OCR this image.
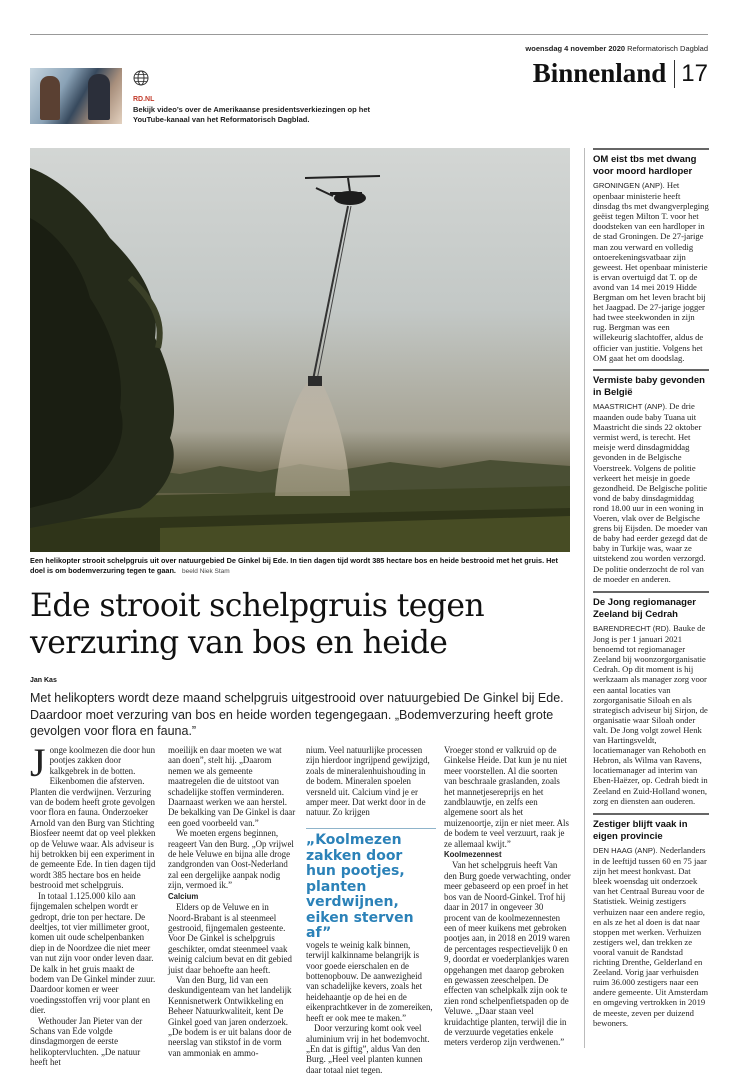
woensdag 4 november 2020 Reformatorisch Dagblad
Binnenland 17
RD.NL
Bekijk video’s over de Amerikaanse presidentsverkiezingen op het YouTube-kanaal van het Reformatorisch Dagblad.
Een helikopter strooit schelpgruis uit over natuurgebied De Ginkel bij Ede. In tien dagen tijd wordt 385 hectare bos en heide bestrooid met het gruis. Het doel is om bodemverzuring tegen te gaan. beeld Niek Stam
Ede strooit schelpgruis tegen verzuring van bos en heide
Jan Kas

Met helikopters wordt deze maand schelpgruis uitgestrooid over natuurgebied De Ginkel bij Ede. Daardoor moet verzuring van bos en heide worden tegengegaan. „Bodemverzuring heeft grote gevolgen voor flora en fauna.”

J onge koolmezen die door hun pootjes zakken door kalkgebrek in de botten. Eikenbomen die afsterven. Planten die verdwijnen. Verzuring van de bodem heeft grote gevolgen voor flora en fauna. Onderzoeker Arnold van den Burg van Stichting Biosfeer neemt dat op veel plekken op de Veluwe waar. Als adviseur is hij betrokken bij een experiment in de gemeente Ede. In tien dagen tijd wordt 385 hectare bos en heide bestrooid met schelpgruis.

In totaal 1.125.000 kilo aan fijngemalen schelpen wordt er gedropt, drie ton per hectare. De deeltjes, tot vier millimeter groot, komen uit oude schelpenbanken diep in de Noordzee die niet meer van nut zijn voor onder leven daar. De kalk in het gruis maakt de bodem van De Ginkel minder zuur. Daardoor komen er weer voedingsstoffen vrij voor plant en dier.

Wethouder Jan Pieter van der Schans van Ede volgde dinsdagmorgen de eerste helikoptervluchten. „De natuur heeft het

moeilijk en daar moeten we wat aan doen”, stelt hij. „Daarom nemen we als gemeente maatregelen die de uitstoot van schadelijke stoffen verminderen. Daarnaast werken we aan herstel. De bekalking van De Ginkel is daar een goed voorbeeld van.”

We moeten ergens beginnen, reageert Van den Burg. „Op vrijwel de hele Veluwe en bijna alle droge zandgronden van Oost-Nederland zal een dergelijke aanpak nodig zijn, vermoed ik.”

Calcium

Elders op de Veluwe en in Noord-Brabant is al steenmeel gestrooid, fijngemalen gesteente. Voor De Ginkel is schelpgruis geschikter, omdat steenmeel vaak weinig calcium bevat en dit gebied juist daar behoefte aan heeft.

Van den Burg, lid van een deskundigenteam van het landelijk Kennisnetwerk Ontwikkeling en Beheer Natuurkwaliteit, kent De Ginkel goed van jaren onderzoek. „De bodem is er uit balans door de neerslag van stikstof in de vorm van ammoniak en ammo-

nium. Veel natuurlijke processen zijn hierdoor ingrijpend gewijzigd, zoals de mineralenhuishouding in de bodem. Mineralen spoelen versneld uit. Calcium vind je er amper meer. Dat werkt door in de natuur. Zo krijgen

vogels te weinig kalk binnen, terwijl kalkinname belangrijk is voor goede eierschalen en de bottenopbouw. De aanwezigheid van schadelijke kevers, zoals het heidehaantje op de hei en de eikenprachtkever in de zomereiken, heeft er ook mee te maken.”

Door verzuring komt ook veel aluminium vrij in het bodemvocht. „En dat is giftig”, aldus Van den Burg. „Heel veel planten kunnen daar totaal niet tegen.

Vroeger stond er valkruid op de Ginkelse Heide. Dat kun je nu niet meer voorstellen. Al die soorten van beschraale graslanden, zoals het mannetjesereprijs en het zandblauwtje, en zelfs een algemene soort als het muizenoortje, zijn er niet meer. Als de bodem te veel verzuurt, raak je ze allemaal kwijt.”

Koolmezennest

Van het schelpgruis heeft Van den Burg goede verwachting, onder meer gebaseerd op een proef in het bos van de Noord-Ginkel. Trof hij daar in 2017 in ongeveer 30 procent van de koolmezennesten een of meer kuikens met gebroken pootjes aan, in 2018 en 2019 waren de percentages respectievelijk 0 en 9, doordat er voederplankjes waren opgehangen met daarop gebroken en gewassen zeeschelpen. De effecten van schelpkalk zijn ook te zien rond schelpenfietspaden op de Veluwe. „Daar staan veel kruidachtige planten, terwijl die in de verzuurde vegetaties enkele meters verderop zijn verdwenen.”

„Koolmezen zakken door hun pootjes, planten verdwijnen, eiken sterven af”
OM eist tbs met dwang voor moord hardloper

GRONINGEN (ANP). Het openbaar ministerie heeft dinsdag tbs met dwangverpleging geëist tegen Milton T. voor het doodsteken van een hardloper in de stad Groningen. De 27-jarige man zou verward en volledig ontoerekeningsvatbaar zijn geweest. Het openbaar ministerie is ervan overtuigd dat T. op de avond van 14 mei 2019 Hidde Bergman om het leven bracht bij het Jaagpad. De 27-jarige jogger had twee steekwonden in zijn rug. Bergman was een willekeurig slachtoffer, aldus de officier van justitie. Volgens het OM gaat het om doodslag.

Vermiste baby gevonden in België

MAASTRICHT (ANP). De drie maanden oude baby Tuana uit Maastricht die sinds 22 oktober vermist werd, is terecht. Het meisje werd dinsdagmiddag gevonden in de Belgische Voerstreek. Volgens de politie verkeert het meisje in goede gezondheid. De Belgische politie vond de baby dinsdagmiddag rond 18.00 uur in een woning in Voeren, vlak over de Belgische grens bij Eijsden. De moeder van de baby had eerder gezegd dat de baby in Turkije was, waar ze uitstekend zou worden verzorgd. De politie onderzocht de rol van de moeder en anderen.

De Jong regiomanager Zeeland bij Cedrah

BARENDRECHT (RD). Bauke de Jong is per 1 januari 2021 benoemd tot regiomanager Zeeland bij woonzorgorganisatie Cedrah. Op dit moment is hij werkzaam als manager zorg voor een aantal locaties van zorgorganisatie Siloah en als strategisch adviseur bij Sirjon, de organisatie waar Siloah onder valt. De Jong volgt zowel Henk van Hartingsveldt, locatiemanager van Rehoboth en Hebron, als Wilma van Ravens, locatiemanager ad interim van Eben-Haëzer, op. Cedrah biedt in Zeeland en Zuid-Holland wonen, zorg en diensten aan ouderen.

Zestiger blijft vaak in eigen provincie

DEN HAAG (ANP). Nederlanders in de leeftijd tussen 60 en 75 jaar zijn het meest honkvast. Dat bleek woensdag uit onderzoek van het Centraal Bureau voor de Statistiek. Weinig zestigers verhuizen naar een andere regio, en als ze het al doen is dat naar stoppen met werken. Verhuizen zestigers wel, dan trekken ze vooral vanuit de Randstad richting Drenthe, Gelderland en Zeeland. Vorig jaar verhuisden ruim 36.000 zestigers naar een andere gemeente. Uit Amsterdam en omgeving vertrokken in 2019 de meeste, zeven per duizend bewoners.
